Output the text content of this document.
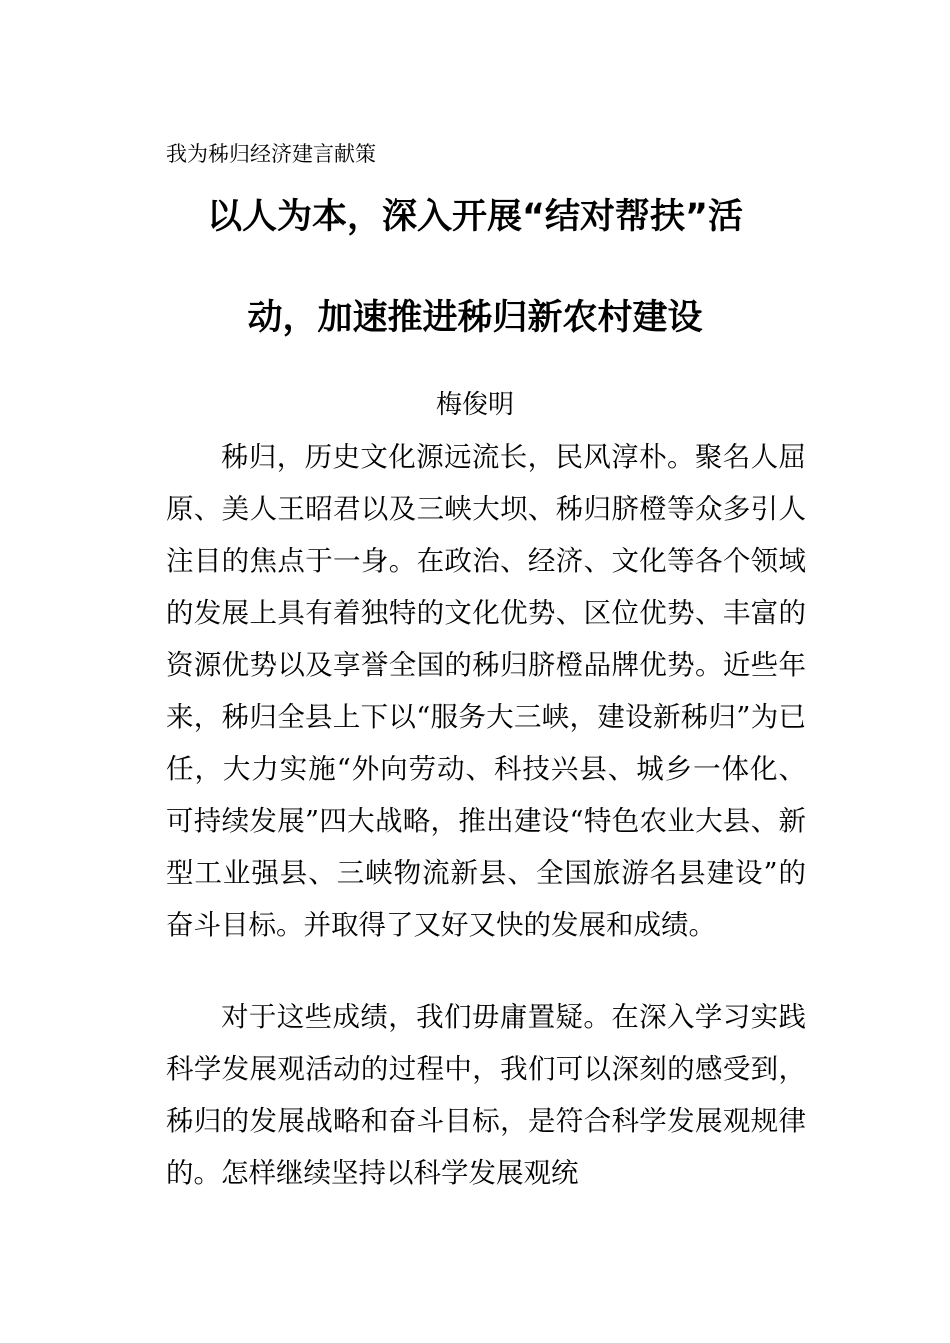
我为秭归经济建言献策
以人为本，深入开展“结对帮扶”活
动，加速推进秭归新农村建设
梅俊明

秭归，历史文化源远流长，民风淳朴。聚名人屈原、美人王昭君以及三峡大坝、秭归脐橙等众多引人注目的焦点于一身。在政治、经济、文化等各个领域的发展上具有着独特的文化优势、区位优势、丰富的资源优势以及享誉全国的秭归脐橙品牌优势。近些年来，秭归全县上下以“服务大三峡，建设新秭归”为已任，大力实施“外向劳动、科技兴县、城乡一体化、可持续发展”四大战略，推出建设“特色农业大县、新型工业强县、三峡物流新县、全国旅游名县建设”的奋斗目标。并取得了又好又快的发展和成绩。

对于这些成绩，我们毋庸置疑。在深入学习实践科学发展观活动的过程中，我们可以深刻的感受到，秭归的发展战略和奋斗目标，是符合科学发展观规律的。怎样继续坚持以科学发展观统
